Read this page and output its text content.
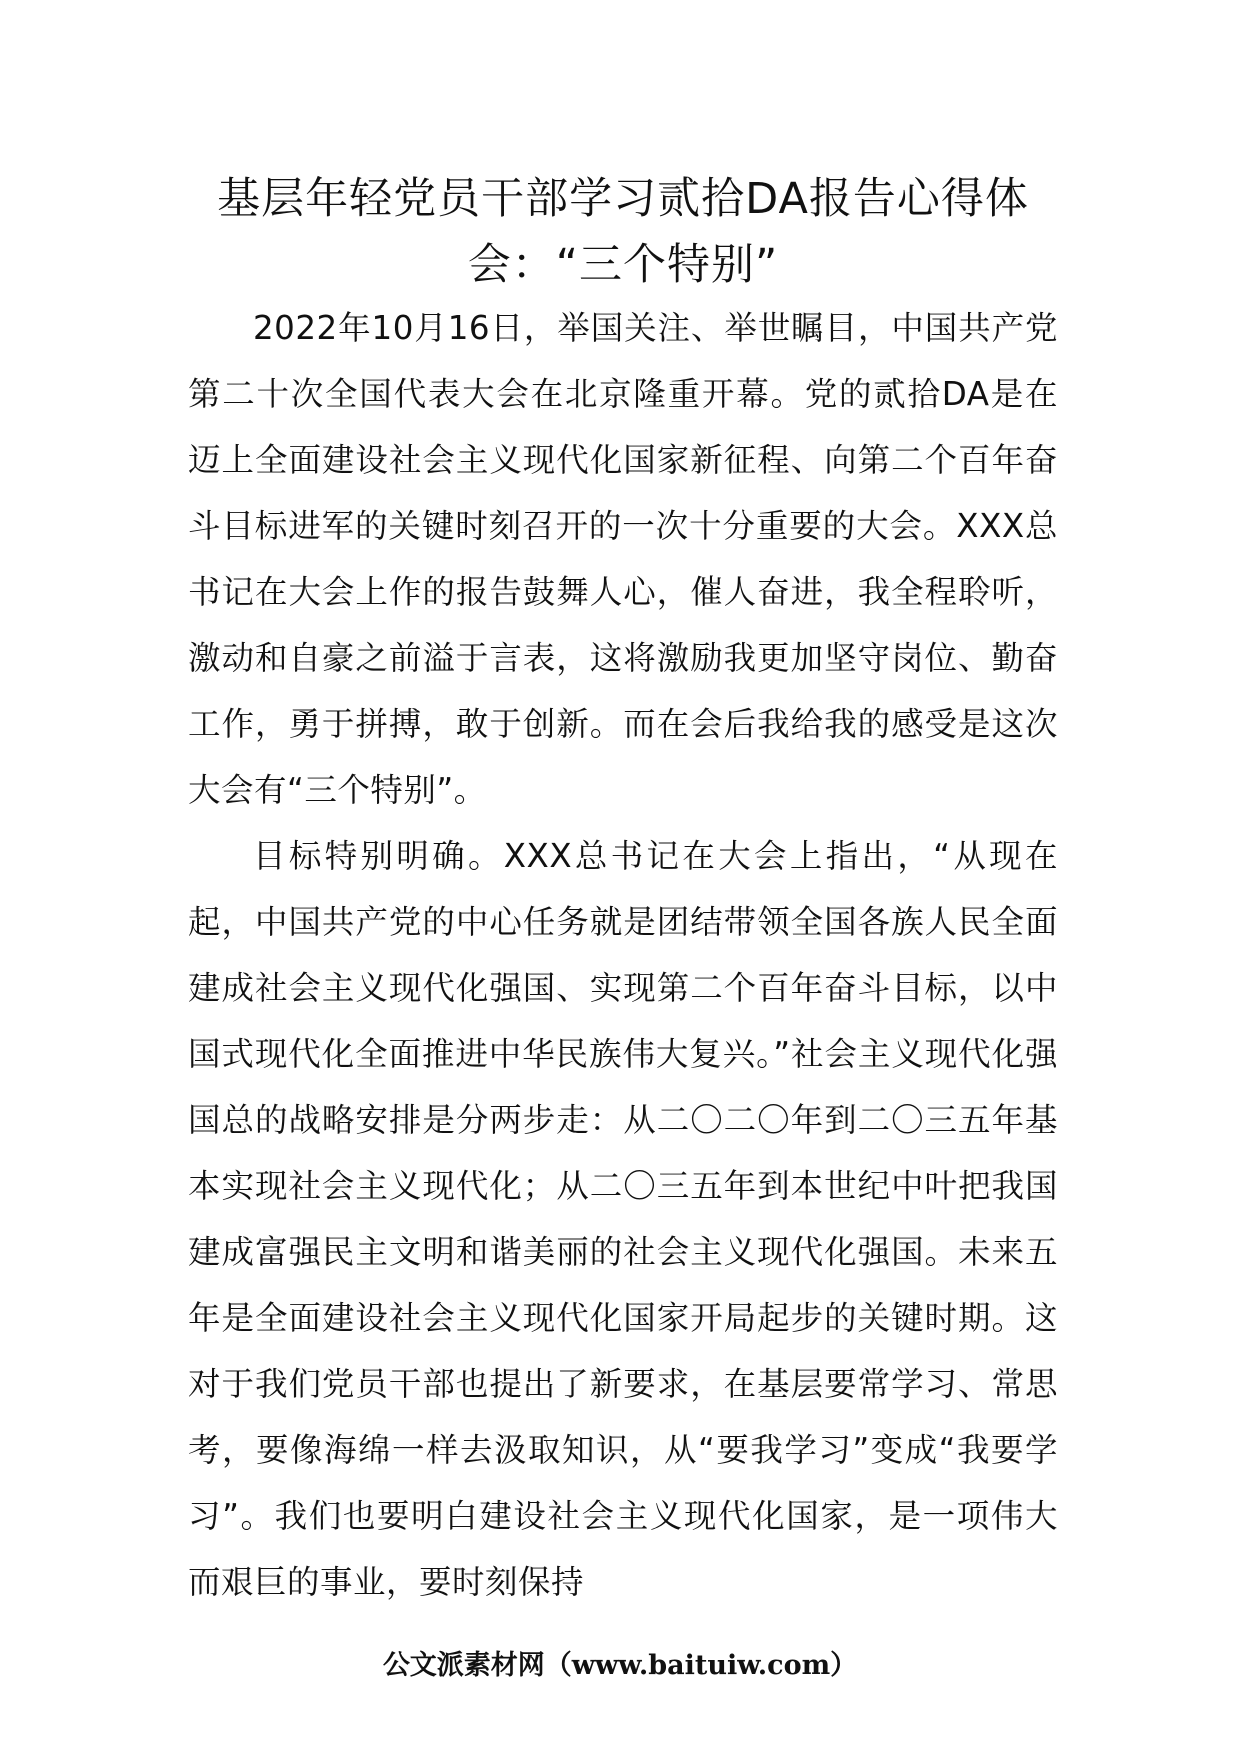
基层年轻党员干部学习贰拾DA报告心得体会：“三个特别”

2022年10月16日，举国关注、举世瞩目，中国共产党第二十次全国代表大会在北京隆重开幕。党的贰拾DA是在迈上全面建设社会主义现代化国家新征程、向第二个百年奋斗目标进军的关键时刻召开的一次十分重要的大会。XXX总书记在大会上作的报告鼓舞人心，催人奋进，我全程聆听，激动和自豪之前溢于言表，这将激励我更加坚守岗位、勤奋工作，勇于拼搏，敢于创新。而在会后我给我的感受是这次大会有“三个特别”。

目标特别明确。XXX总书记在大会上指出，“从现在起，中国共产党的中心任务就是团结带领全国各族人民全面建成社会主义现代化强国、实现第二个百年奋斗目标，以中国式现代化全面推进中华民族伟大复兴。”社会主义现代化强国总的战略安排是分两步走：从二〇二〇年到二〇三五年基本实现社会主义现代化；从二〇三五年到本世纪中叶把我国建成富强民主文明和谐美丽的社会主义现代化强国。未来五年是全面建设社会主义现代化国家开局起步的关键时期。这对于我们党员干部也提出了新要求，在基层要常学习、常思考，要像海绵一样去汲取知识，从“要我学习”变成“我要学习”。我们也要明白建设社会主义现代化国家，是一项伟大而艰巨的事业，要时刻保持

公文派素材网（www.baituiw.com）
